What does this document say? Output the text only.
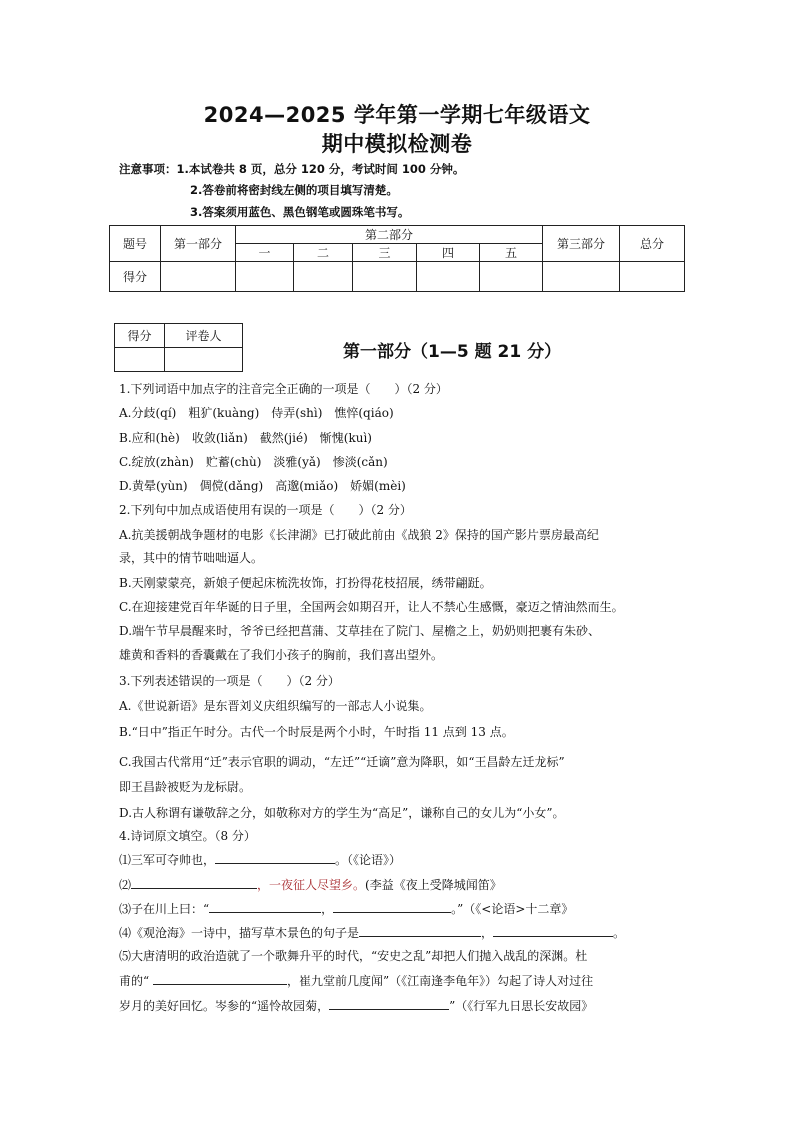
2024—2025 学年第一学期七年级语文
期中模拟检测卷
注意事项：1.本试卷共 8 页，总分 120 分，考试时间 100 分钟。
2.答卷前将密封线左侧的项目填写清楚。
3.答案须用蓝色、黑色钢笔或圆珠笔书写。
题号	第一部分	第二部分					第三部分	总分
		一	二	三	四	五		
得分								
得分	评卷人

第一部分（1—5 题 21 分）
1.下列词语中加点字的注音完全正确的一项是（　　）（2 分）
A.分歧(qí)　粗犷(kuàng)　侍弄(shì)　憔悴(qiáo)
B.应和(hè)　收敛(liǎn)　截然(jié)　惭愧(kuì)
C.绽放(zhàn)　贮蓄(chù)　淡雅(yǎ)　惨淡(cǎn)
D.黄晕(yùn)　倜傥(dǎng)　高邈(miǎo)　娇媚(mèi)
2.下列句中加点成语使用有误的一项是（　　）（2 分）
A.抗美援朝战争题材的电影《长津湖》已打破此前由《战狼 2》保持的国产影片票房最高纪
录，其中的情节咄咄逼人。
B.天刚蒙蒙亮，新娘子便起床梳洗妆饰，打扮得花枝招展，绣带翩跹。
C.在迎接建党百年华诞的日子里，全国两会如期召开，让人不禁心生感慨，豪迈之情油然而生。
D.端午节早晨醒来时，爷爷已经把菖蒲、艾草挂在了院门、屋檐之上，奶奶则把裹有朱砂、
雄黄和香料的香囊戴在了我们小孩子的胸前，我们喜出望外。
3.下列表述错误的一项是（　　）（2 分）
A.《世说新语》是东晋刘义庆组织编写的一部志人小说集。
B.“日中”指正午时分。古代一个时辰是两个小时，午时指 11 点到 13 点。
C.我国古代常用“迁”表示官职的调动，“左迁”“迁谪”意为降职，如“王昌龄左迁龙标”
即王昌龄被贬为龙标尉。
D.古人称谓有谦敬辞之分，如敬称对方的学生为“高足”，谦称自己的女儿为“小女”。
4.诗词原文填空。（8 分）
⑴三军可夺帅也，	。（《论语》）
⑵	，一夜征人尽望乡。(李益《夜上受降城闻笛》
⑶子在川上曰：“	，	。”（《<论语>十二章》
⑷《观沧海》一诗中，描写草木景色的句子是	，	。
⑸大唐清明的政治造就了一个歌舞升平的时代，“安史之乱”却把人们抛入战乱的深渊。杜
甫的“	，崔九堂前几度闻”（《江南逢李龟年》）勾起了诗人对过往
岁月的美好回忆。岑参的“遥怜故园菊，	”（《行军九日思长安故园》
